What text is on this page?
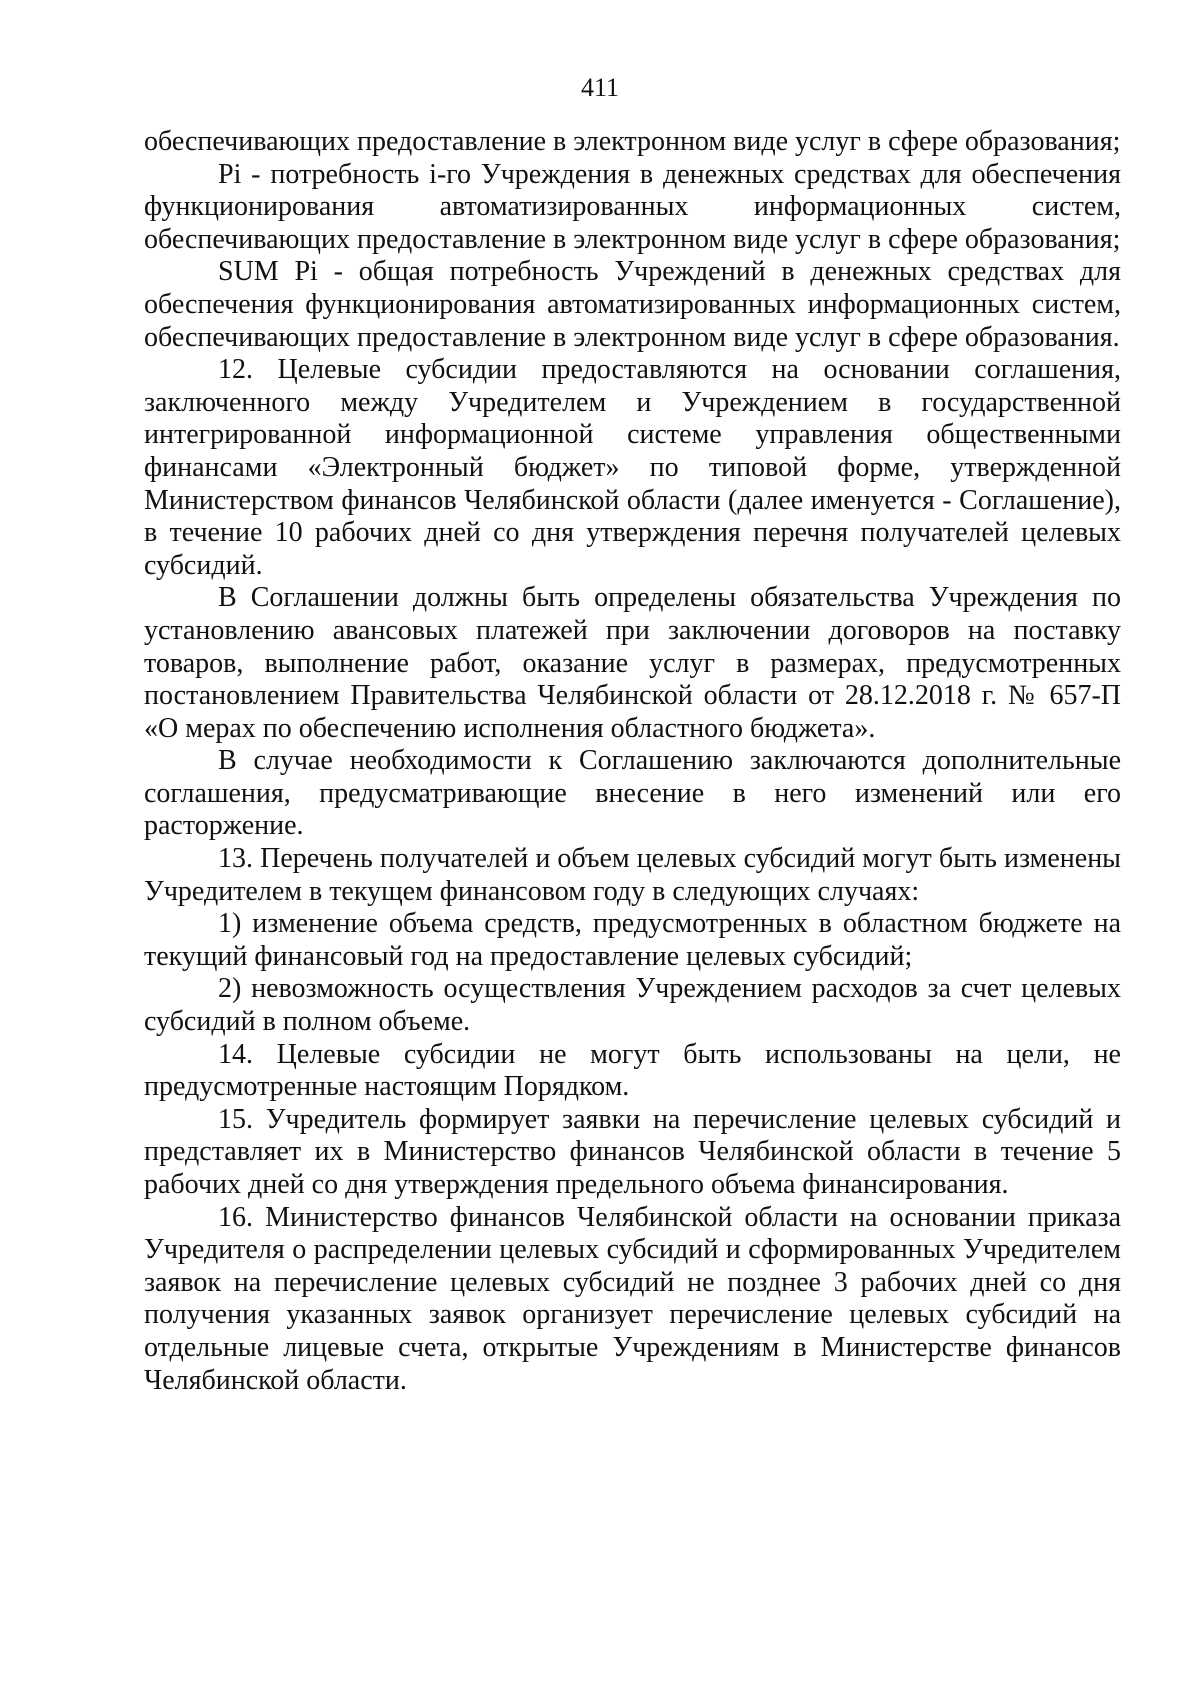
411

обеспечивающих предоставление в электронном виде услуг в сфере образования;

Pi - потребность i-го Учреждения в денежных средствах для обеспечения функционирования автоматизированных информационных систем, обеспечивающих предоставление в электронном виде услуг в сфере образования;

SUM Pi - общая потребность Учреждений в денежных средствах для обеспечения функционирования автоматизированных информационных систем, обеспечивающих предоставление в электронном виде услуг в сфере образования.

12. Целевые субсидии предоставляются на основании соглашения, заключенного между Учредителем и Учреждением в государственной интегрированной информационной системе управления общественными финансами «Электронный бюджет» по типовой форме, утвержденной Министерством финансов Челябинской области (далее именуется - Соглашение), в течение 10 рабочих дней со дня утверждения перечня получателей целевых субсидий.

В Соглашении должны быть определены обязательства Учреждения по установлению авансовых платежей при заключении договоров на поставку товаров, выполнение работ, оказание услуг в размерах, предусмотренных постановлением Правительства Челябинской области от 28.12.2018 г. № 657-П «О мерах по обеспечению исполнения областного бюджета».

В случае необходимости к Соглашению заключаются дополнительные соглашения, предусматривающие внесение в него изменений или его расторжение.

13. Перечень получателей и объем целевых субсидий могут быть изменены Учредителем в текущем финансовом году в следующих случаях:

1) изменение объема средств, предусмотренных в областном бюджете на текущий финансовый год на предоставление целевых субсидий;

2) невозможность осуществления Учреждением расходов за счет целевых субсидий в полном объеме.

14. Целевые субсидии не могут быть использованы на цели, не предусмотренные настоящим Порядком.

15. Учредитель формирует заявки на перечисление целевых субсидий и представляет их в Министерство финансов Челябинской области в течение 5 рабочих дней со дня утверждения предельного объема финансирования.

16. Министерство финансов Челябинской области на основании приказа Учредителя о распределении целевых субсидий и сформированных Учредителем заявок на перечисление целевых субсидий не позднее 3 рабочих дней со дня получения указанных заявок организует перечисление целевых субсидий на отдельные лицевые счета, открытые Учреждениям в Министерстве финансов Челябинской области.
